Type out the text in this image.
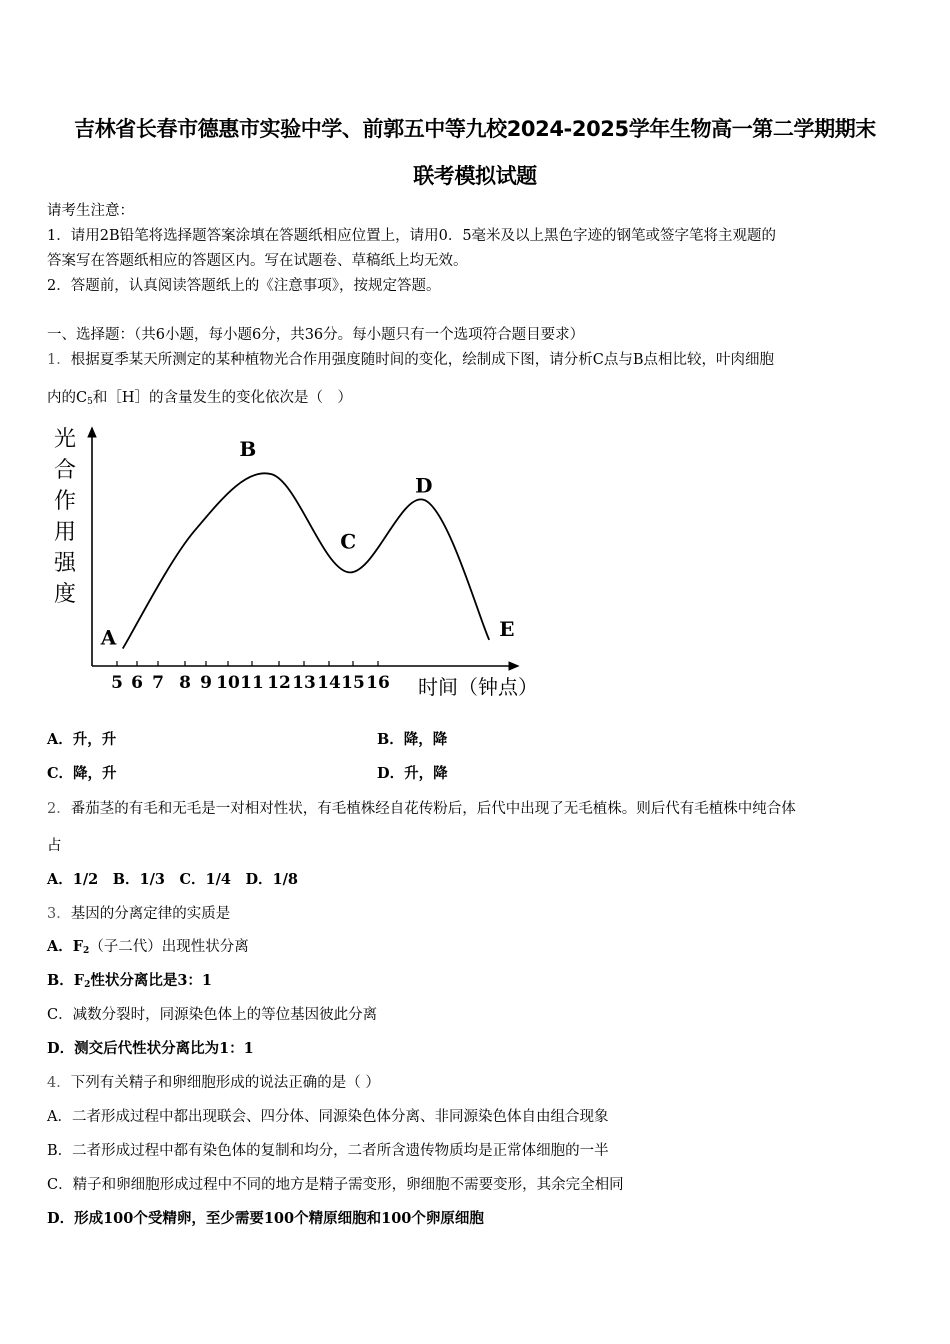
吉林省长春市德惠市实验中学、前郭五中等九校2024-2025学年生物高一第二学期期末
联考模拟试题
请考生注意：
1．请用2B铅笔将选择题答案涂填在答题纸相应位置上，请用0．5毫米及以上黑色字迹的钢笔或签字笔将主观题的
答案写在答题纸相应的答题区内。写在试题卷、草稿纸上均无效。
2．答题前，认真阅读答题纸上的《注意事项》，按规定答题。
一、选择题：（共6小题，每小题6分，共36分。每小题只有一个选项符合题目要求）
1．根据夏季某天所测定的某种植物光合作用强度随时间的变化，绘制成下图，请分析C点与B点相比较，叶肉细胞
内的$C_5$和［H］的含量发生的变化依次是（　）
光
合
作
用
强
度
5 6 7 8 9 10 11 12 13 14 15 16
A
B
C
D
E
时间（钟点）
A．升，升	B．降，降
C．降，升	D．升，降
2．番茄茎的有毛和无毛是一对相对性状，有毛植株经自花传粉后，后代中出现了无毛植株。则后代有毛植株中纯合体
占
A．1/2　B．1/3　C．1/4　D．1/8
3．基因的分离定律的实质是
A．$F_2$（子二代）出现性状分离
B．$F_2$性状分离比是3：1
C．减数分裂时，同源染色体上的等位基因彼此分离
D．测交后代性状分离比为1：1
4．下列有关精子和卵细胞形成的说法正确的是（ ）
A．二者形成过程中都出现联会、四分体、同源染色体分离、非同源染色体自由组合现象
B．二者形成过程中都有染色体的复制和均分，二者所含遗传物质均是正常体细胞的一半
C．精子和卵细胞形成过程中不同的地方是精子需变形，卵细胞不需要变形，其余完全相同
D．形成100个受精卵，至少需要100个精原细胞和100个卵原细胞
